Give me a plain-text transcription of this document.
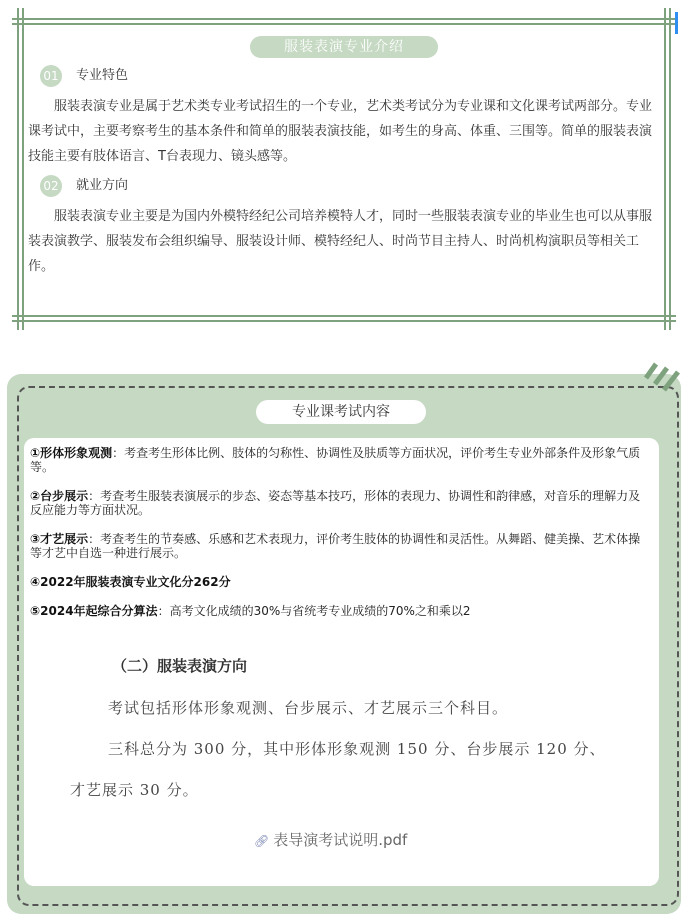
服装表演专业介绍
01 专业特色

服装表演专业是属于艺术类专业考试招生的一个专业，艺术类考试分为专业课和文化课考试两部分。专业课考试中，主要考察考生的基本条件和简单的服装表演技能，如考生的身高、体重、三围等。简单的服装表演技能主要有肢体语言、T台表现力、镜头感等。

02 就业方向

服装表演专业主要是为国内外模特经纪公司培养模特人才，同时一些服装表演专业的毕业生也可以从事服装表演教学、服装发布会组织编导、服装设计师、模特经纪人、时尚节目主持人、时尚机构演职员等相关工作。

专业课考试内容

①形体形象观测：考查考生形体比例、肢体的匀称性、协调性及肤质等方面状况，评价考生专业外部条件及形象气质等。

②台步展示：考查考生服装表演展示的步态、姿态等基本技巧，形体的表现力、协调性和韵律感，对音乐的理解力及反应能力等方面状况。

③才艺展示：考查考生的节奏感、乐感和艺术表现力，评价考生肢体的协调性和灵活性。从舞蹈、健美操、艺术体操等才艺中自选一种进行展示。

④2022年服装表演专业文化分262分

⑤2024年起综合分算法：高考文化成绩的30%与省统考专业成绩的70%之和乘以2

（二）服装表演方向

考试包括形体形象观测、台步展示、才艺展示三个科目。

三科总分为 300 分，其中形体形象观测 150 分、台步展示 120 分、

才艺展示 30 分。

🔗︎ 表导演考试说明.pdf
